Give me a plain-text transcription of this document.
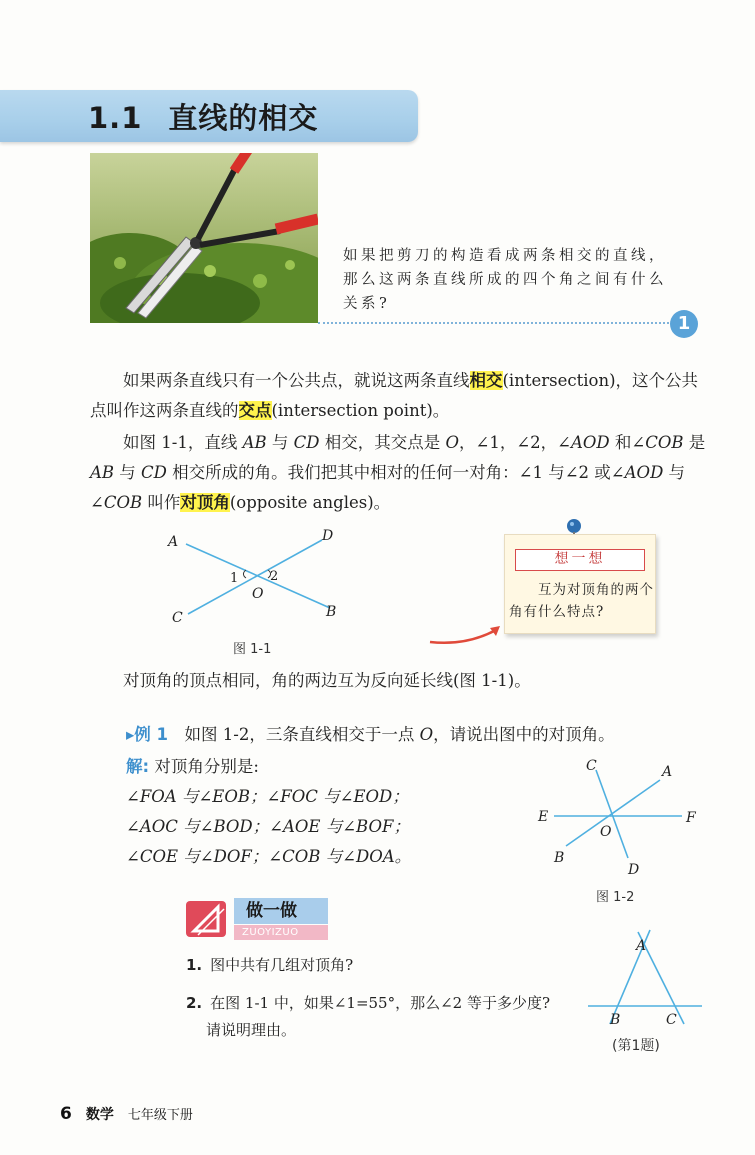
1.1 直线的相交
如果把剪刀的构造看成两条相交的直线，
那么这两条直线所成的四个角之间有什么
关系?
1
如果两条直线只有一个公共点，就说这两条直线相交(intersection)，这个公共点叫作这两条直线的交点(intersection point)。
如图 1-1，直线 AB 与 CD 相交，其交点是 O，∠1，∠2，∠AOD 和∠COB 是 AB 与 CD 相交所成的角。我们把其中相对的任何一对角：∠1 与∠2 或∠AOD 与∠COB 叫作对顶角(opposite angles)。
A	D
C	B
O
1 2
图 1-1
想一想
　　互为对顶角的两个角有什么特点?
对顶角的顶点相同，角的两边互为反向延长线(图 1-1)。
▸例 1　 如图 1-2，三条直线相交于一点 O，请说出图中的对顶角。
解: 对顶角分别是:
∠FOA 与∠EOB；∠FOC 与∠EOD；
∠AOC 与∠BOD；∠AOE 与∠BOF；
∠COE 与∠DOF；∠COB 与∠DOA。
C	A
E	F
O
B
D
图 1-2
做一做
ZUOYIZUO
1. 图中共有几组对顶角?
2. 在图 1-1 中，如果∠1=55°，那么∠2 等于多少度?
请说明理由。
A
B	C
(第1题)
6 数学 七年级下册
